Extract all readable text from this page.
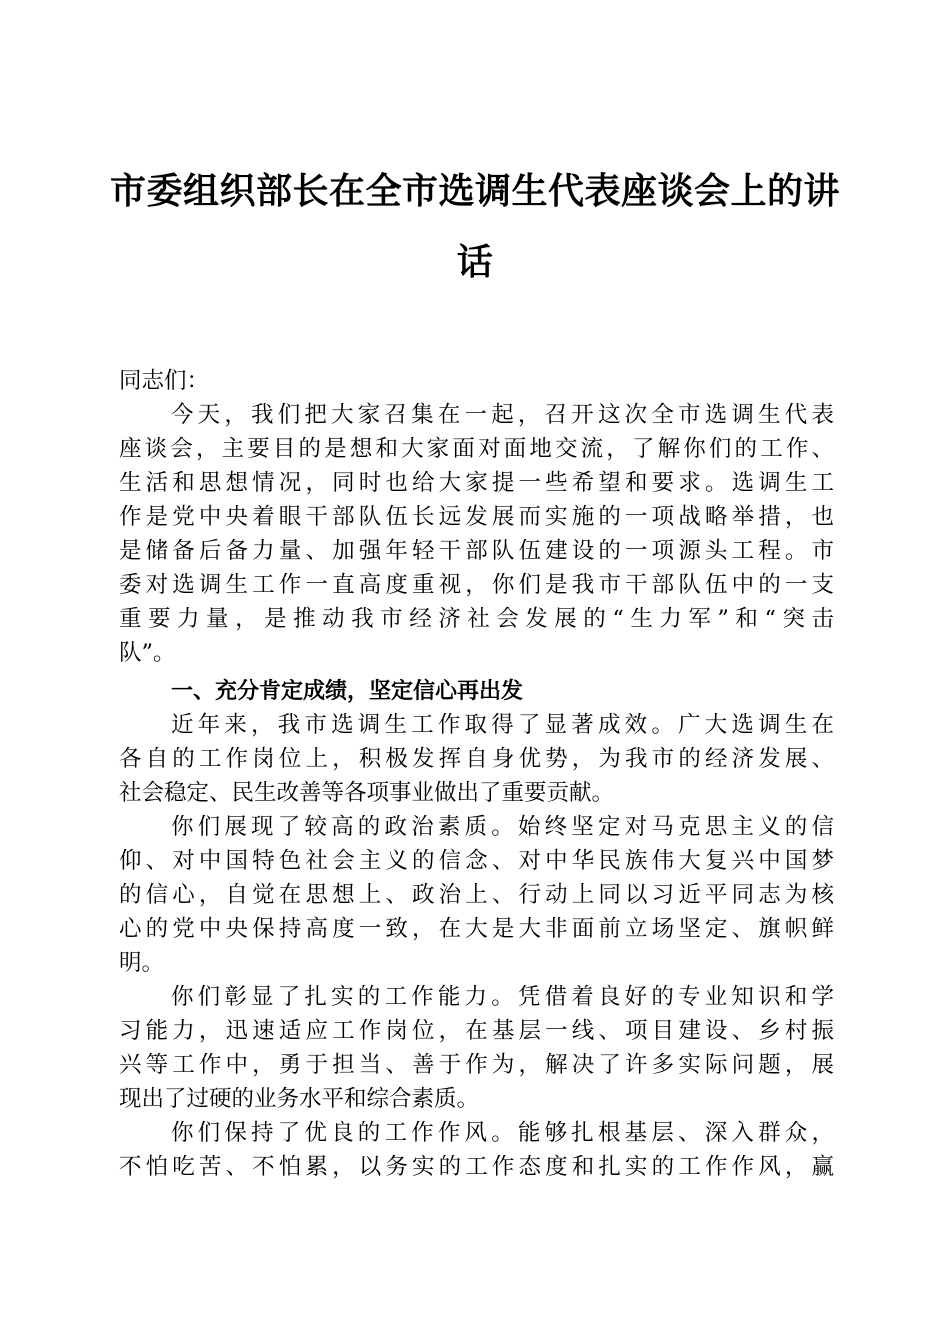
市委组织部长在全市选调生代表座谈会上的讲
话

同志们：

今天，我们把大家召集在一起，召开这次全市选调生代表

座谈会，主要目的是想和大家面对面地交流，了解你们的工作、

生活和思想情况，同时也给大家提一些希望和要求。选调生工

作是党中央着眼干部队伍长远发展而实施的一项战略举措，也

是储备后备力量、加强年轻干部队伍建设的一项源头工程。市

委对选调生工作一直高度重视，你们是我市干部队伍中的一支

重要力量，是推动我市经济社会发展的“生力军”和“突击

队”。

一、充分肯定成绩，坚定信心再出发

近年来，我市选调生工作取得了显著成效。广大选调生在

各自的工作岗位上，积极发挥自身优势，为我市的经济发展、

社会稳定、民生改善等各项事业做出了重要贡献。

你们展现了较高的政治素质。始终坚定对马克思主义的信

仰、对中国特色社会主义的信念、对中华民族伟大复兴中国梦

的信心，自觉在思想上、政治上、行动上同以习近平同志为核

心的党中央保持高度一致，在大是大非面前立场坚定、旗帜鲜

明。

你们彰显了扎实的工作能力。凭借着良好的专业知识和学

习能力，迅速适应工作岗位，在基层一线、项目建设、乡村振

兴等工作中，勇于担当、善于作为，解决了许多实际问题，展

现出了过硬的业务水平和综合素质。

你们保持了优良的工作作风。能够扎根基层、深入群众，

不怕吃苦、不怕累，以务实的工作态度和扎实的工作作风，赢
